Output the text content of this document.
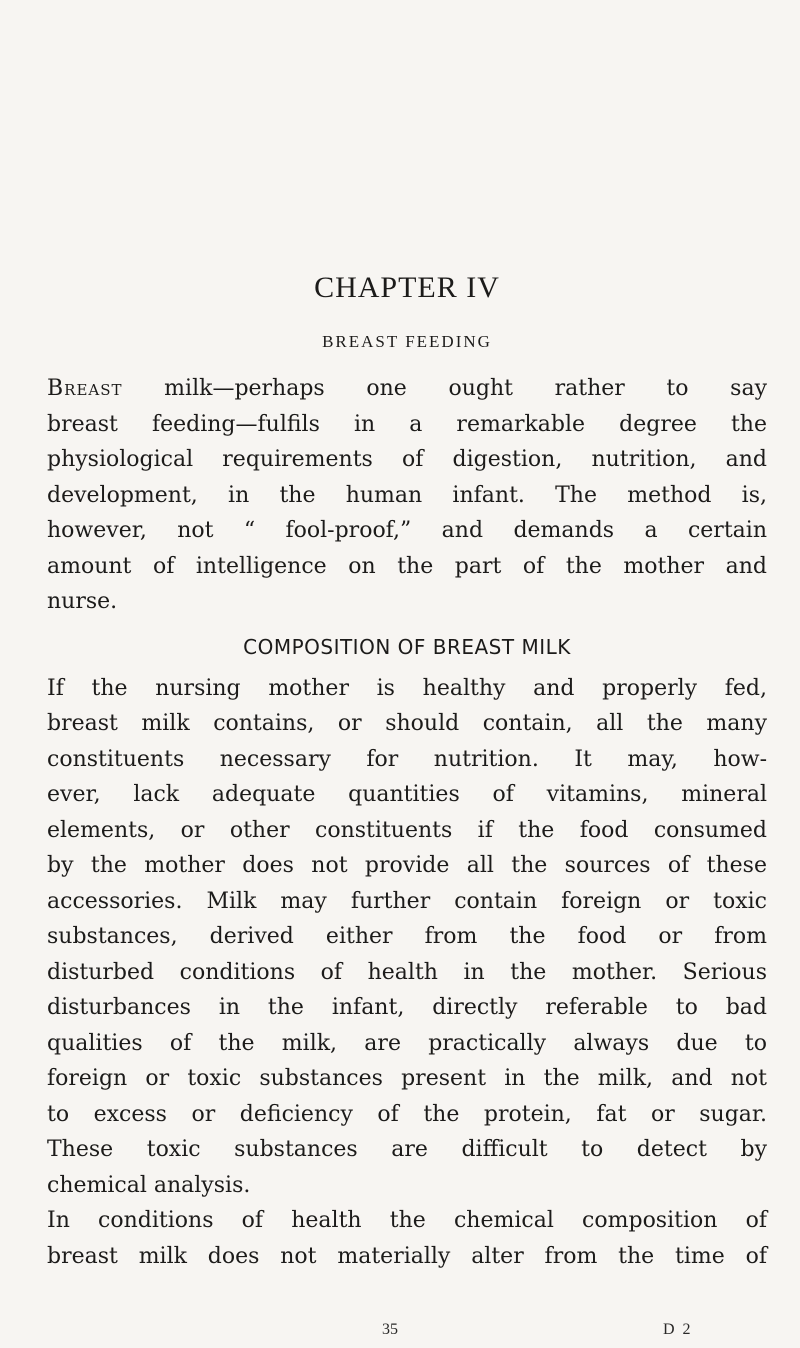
CHAPTER IV
BREAST FEEDING

Breast milk—perhaps one ought rather to say
breast feeding—fulfils in a remarkable degree the
physiological requirements of digestion, nutrition, and
development, in the human infant. The method is,
however, not “ fool-proof,” and demands a certain
amount of intelligence on the part of the mother and
nurse.

COMPOSITION OF BREAST MILK

If the nursing mother is healthy and properly fed,
breast milk contains, or should contain, all the many
constituents necessary for nutrition. It may, how-
ever, lack adequate quantities of vitamins, mineral
elements, or other constituents if the food consumed
by the mother does not provide all the sources of these
accessories. Milk may further contain foreign or toxic
substances, derived either from the food or from
disturbed conditions of health in the mother. Serious
disturbances in the infant, directly referable to bad
qualities of the milk, are practically always due to
foreign or toxic substances present in the milk, and not
to excess or deficiency of the protein, fat or sugar.
These toxic substances are difficult to detect by
chemical analysis.

In conditions of health the chemical composition of
breast milk does not materially alter from the time of

35	D 2
